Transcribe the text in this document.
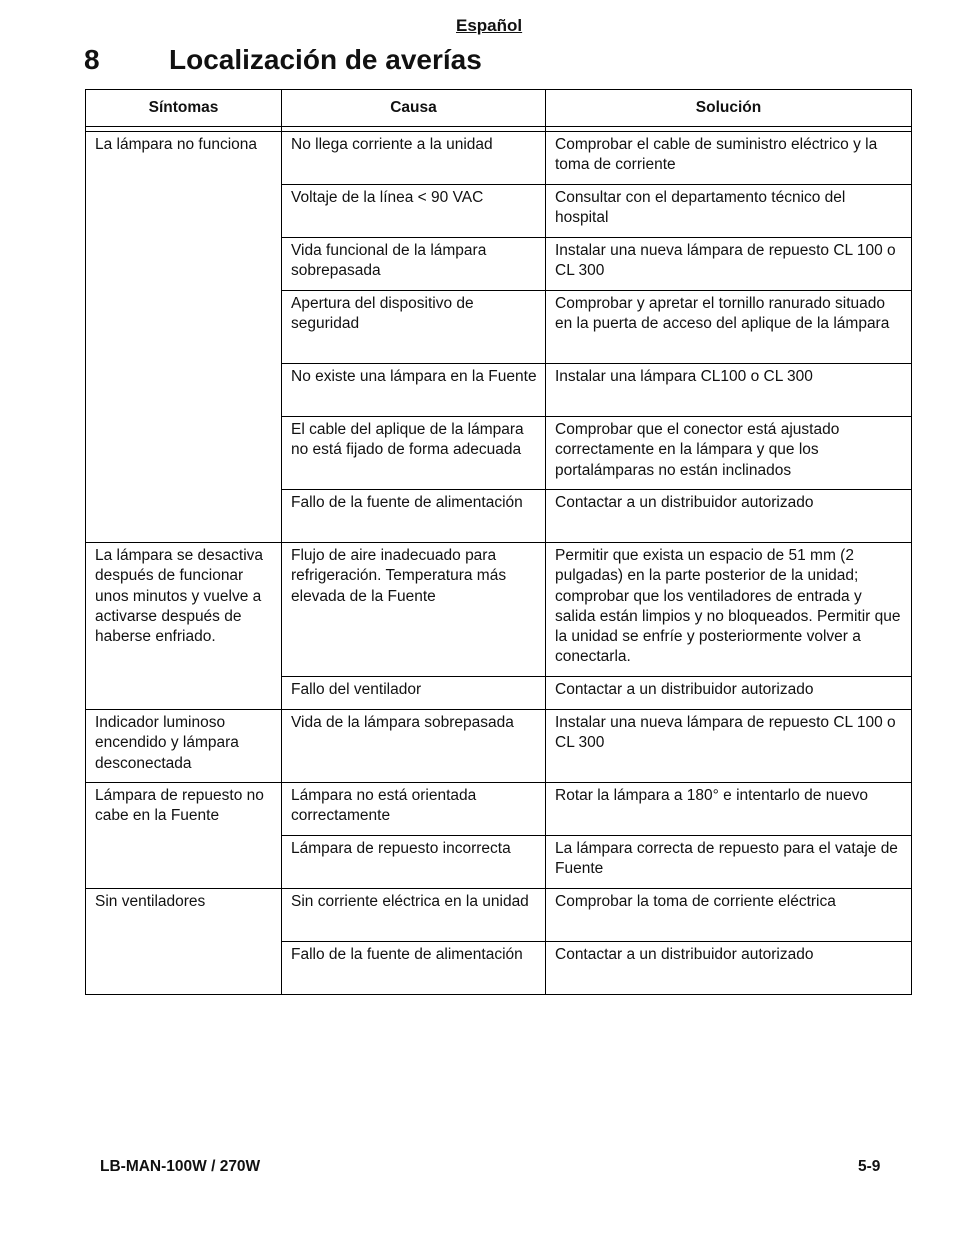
Español
8 Localización de averías
Síntomas	Causa	Solución

La lámpara no funciona	No llega corriente a la unidad	Comprobar el cable de suministro eléctrico y la toma de corriente
	Voltaje de la línea < 90 VAC	Consultar con el departamento técnico del hospital
	Vida funcional de la lámpara sobrepasada	Instalar una nueva lámpara de repuesto CL 100 o CL 300
	Apertura del dispositivo de seguridad	Comprobar y apretar el tornillo ranurado situado en la puerta de acceso del aplique de la lámpara
	No existe una lámpara en la Fuente	Instalar una lámpara CL100 o CL 300
	El cable del aplique de la lámpara no está fijado de forma adecuada	Comprobar que el conector está ajustado correctamente en la lámpara y que los portalámparas no están inclinados
	Fallo de la fuente de alimentación	Contactar a un distribuidor autorizado
La lámpara se desactiva después de funcionar unos minutos y vuelve a activarse después de haberse enfriado.	Flujo de aire inadecuado para refrigeración. Temperatura más elevada de la Fuente	Permitir que exista un espacio de 51 mm (2 pulgadas) en la parte posterior de la unidad; comprobar que los ventiladores de entrada y salida están limpios y no bloqueados. Permitir que la unidad se enfríe y posteriormente volver a conectarla.
	Fallo del ventilador	Contactar a un distribuidor autorizado
Indicador luminoso encendido y lámpara desconectada	Vida de la lámpara sobrepasada	Instalar una nueva lámpara de repuesto CL 100 o CL 300
Lámpara de repuesto no cabe en la Fuente	Lámpara no está orientada correctamente	Rotar la lámpara a 180° e intentarlo de nuevo
	Lámpara de repuesto incorrecta	La lámpara correcta de repuesto para el vataje de Fuente
Sin ventiladores	Sin corriente eléctrica en la unidad	Comprobar la toma de corriente eléctrica
	Fallo de la fuente de alimentación	Contactar a un distribuidor autorizado
LB-MAN-100W / 270W	5-9
